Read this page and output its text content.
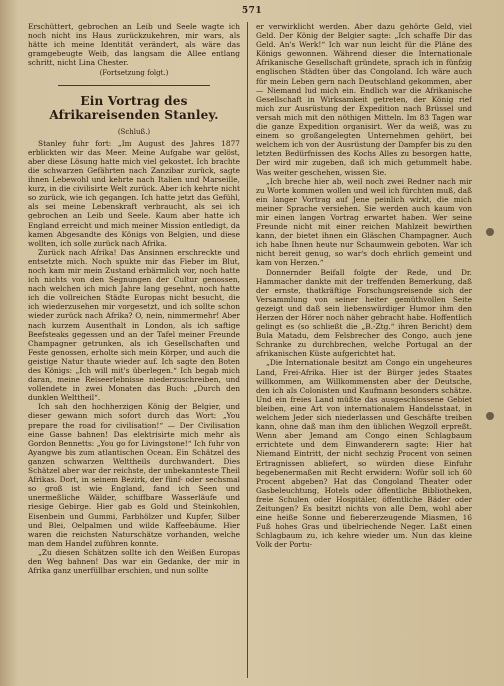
571

Erschüttert, gebrochen an Leib und Seele wagte ich noch nicht ins Haus zurückzukehren, mir wars, als hätte ich meine Identität verändert, als wäre das gramgebeugte Weib, das langsam die Allee entlang schritt, nicht Lina Chester.

(Fortsetzung folgt.)

Ein Vortrag des Afrikareisenden Stanley.

(Schluß.)

Stanley fuhr fort: „Im August des Jahres 1877 erblickten wir das Meer. Meine Aufgabe war gelöst, aber diese Lösung hatte mich viel gekostet. Ich brachte die schwarzen Gefährten nach Zanzibar zurück, sagte ihnen Lebewohl und kehrte nach Italien und Marseille, kurz, in die civilisirte Welt zurück. Aber ich kehrte nicht so zurück, wie ich gegangen. Ich hatte jetzt das Gefühl, als sei meine Lebenskraft verbraucht, als sei ich gebrochen an Leib und Seele. Kaum aber hatte ich England erreicht und mich meiner Mission entledigt, da kamen Abgesandte des Königs von Belgien, und diese wollten, ich solle zurück nach Afrika.

Zurück nach Afrika! Das Ansinnen erschreckte und entsetzte mich. Noch spukte mir das Fieber im Blut, noch kam mir mein Zustand erbärmlich vor, noch hatte ich nichts von den Segnungen der Cultur genossen, nach welchen ich mich Jahre lang gesehnt, noch hatte ich die vollreichen Städte Europas nicht besucht, die ich wiederzusehen mir vorgesetzt, und ich sollte schon wieder zurück nach Afrika? O, nein, nimmermehr! Aber nach kurzem Ausenthalt in London, als ich saftige Beefsteaks gegessen und an der Tafel meiner Freunde Champagner getrunken, als ich Gesellschaften und Feste genossen, erholte sich mein Körper, und auch die geistige Natur thaute wieder auf. Ich sagte den Boten des Königs: „Ich will mit's überlegen.“ Ich begab mich daran, meine Reiseerlebnisse niederzuschreiben, und vollendete in zwei Monaten das Buch: „Durch den dunklen Welttheil“.

Ich sah den hochherzigen König der Belgier, und dieser gewann mich sofort durch das Wort: „You prepare the road for civilisation!“ — Der Civilisation eine Gasse bahnen! Das elektrisirte mich mehr als Gordon Bennetts: „You go for Livingstone!“ Ich fuhr von Ayangwe bis zum atlantischen Ocean. Ein Schätzel des ganzen schwarzen Welttheils durchwandert. Dies Schätzel aber war der reichste, der unbekannteste Theil Afrikas. Dort, in seinem Bezirk, der fünf- oder sechsmal so groß ist wie England, fand ich Seen und unermeßliche Wälder, schiffbare Wasserläufe und riesige Gebirge. Hier gab es Gold und Steinkohlen, Eisenbein und Gummi, Farbhölzer und Kupfer, Silber und Blei, Oelpalmen und wilde Kaffeebäume. Hier waren die reichsten Naturschätze vorhanden, welche man dem Handel zuführen konnte.

„Zu diesen Schätzen sollte ich den Weißen Europas den Weg bahnen! Das war ein Gedanke, der mir in Afrika ganz unerfüllbar erschien, und nun sollte

er verwirklicht werden. Aber dazu gehörte Geld, viel Geld. Der König der Belgier sagte: „Ich schaffe Dir das Geld. An's Werk!“ Ich war nun leicht für die Pläne des Königs gewonnen. Während dieser die Internationale Afrikanische Gesellschaft gründete, sprach ich in fünfzig englischen Städten über das Congoland. Ich wäre auch für mein Leben gern nach Deutschland gekommen, aber — Niemand lud mich ein. Endlich war die Afrikanische Gesellschaft in Wirksamkeit getreten, der König rief mich zur Ausrüstung der Expedition nach Brüssel und versah mich mit den nöthigen Mitteln. Im 83 Tagen war die ganze Expedition organisirt. Wer da weiß, was zu einem so großangelegten Unternehmen gehört, bei welchem ich von der Ausrüstung der Dampfer bis zu den letzten Bedürfnissen des Kochs Alles zu besorgen hatte, Der wird mir zugeben, daß ich mich getummelt habe. Was weiter geschehen, wissen Sie.

„Ich breche hier ab, weil noch zwei Redner nach mir zu Worte kommen wollen und weil ich fürchten muß, daß ein langer Vortrag auf Jene peinlich wirkt, die mich meiner Sprache versiehen. Sie werden auch kaum von mir einen langen Vortrag erwartet haben. Wer seine Freunde nicht mit einer reichen Mahlzeit bewirthen kann, der bietet ihnen ein Gläschen Champagner. Auch ich habe Ihnen heute nur Schaumwein geboten. War ich nicht bereit genug, so war's doch ehrlich gemeint und kam von Herzen.“

Donnernder Beifall folgte der Rede, und Dr. Hammacher dankte mit der treffenden Bemerkung, daß der ernste, thatkräftige Forschungsreisende sich der Versammlung von seiner heiter gemüthvollen Seite gezeigt und daß sein liebenswürdiger Humor ihm den Herzen der Hörer noch näher gebracht habe. Hoffentlich gelingt es (so schließt die „B.-Ztg.“ ihren Bericht) dem Bula Matadu, dem Felsbrecher des Congo, auch jene Schranke zu durchbrechen, welche Portugal an der afrikanischen Küste aufgerichtet hat.

„Die Internationale besitzt am Congo ein ungeheures Land, Frei-Afrika. Hier ist der Bürger jedes Staates willkommen, am Willkommensten aber der Deutsche, den ich als Colonisten und Kaufmann besonders schätze. Und ein freies Land müßte das ausgeschlossene Gebiet bleiben, eine Art von internationalem Handelsstaat, in welchem Jeder sich niederlassen und Geschäfte treiben kann, ohne daß man ihm den üblichen Wegzoll erpreßt. Wenn aber Jemand am Congo einen Schlagbaum errichtete und dem Einwanderern sagte: Hier hat Niemand Eintritt, der nicht sechzig Procent von seinen Ertragnissen abliefert, so würden diese Einfuhr begebenermaßen mit Recht erwidern: Wofür soll ich 60 Procent abgeben? Hat das Congoland Theater oder Gasbeleuchtung, Hotels oder öffentliche Bibliotheken, freie Schulen oder Hospitäler, öffentliche Bäder oder Zeitungen? Es besitzt nichts von alle Dem, wohl aber eine heiße Sonne und fiebererzeugende Miasmen, 16 Fuß hohes Gras und übelriechende Neger. Laßt einen Schlagbaum zu, ich kehre wieder um. Nun das kleine Volk der Portu-
